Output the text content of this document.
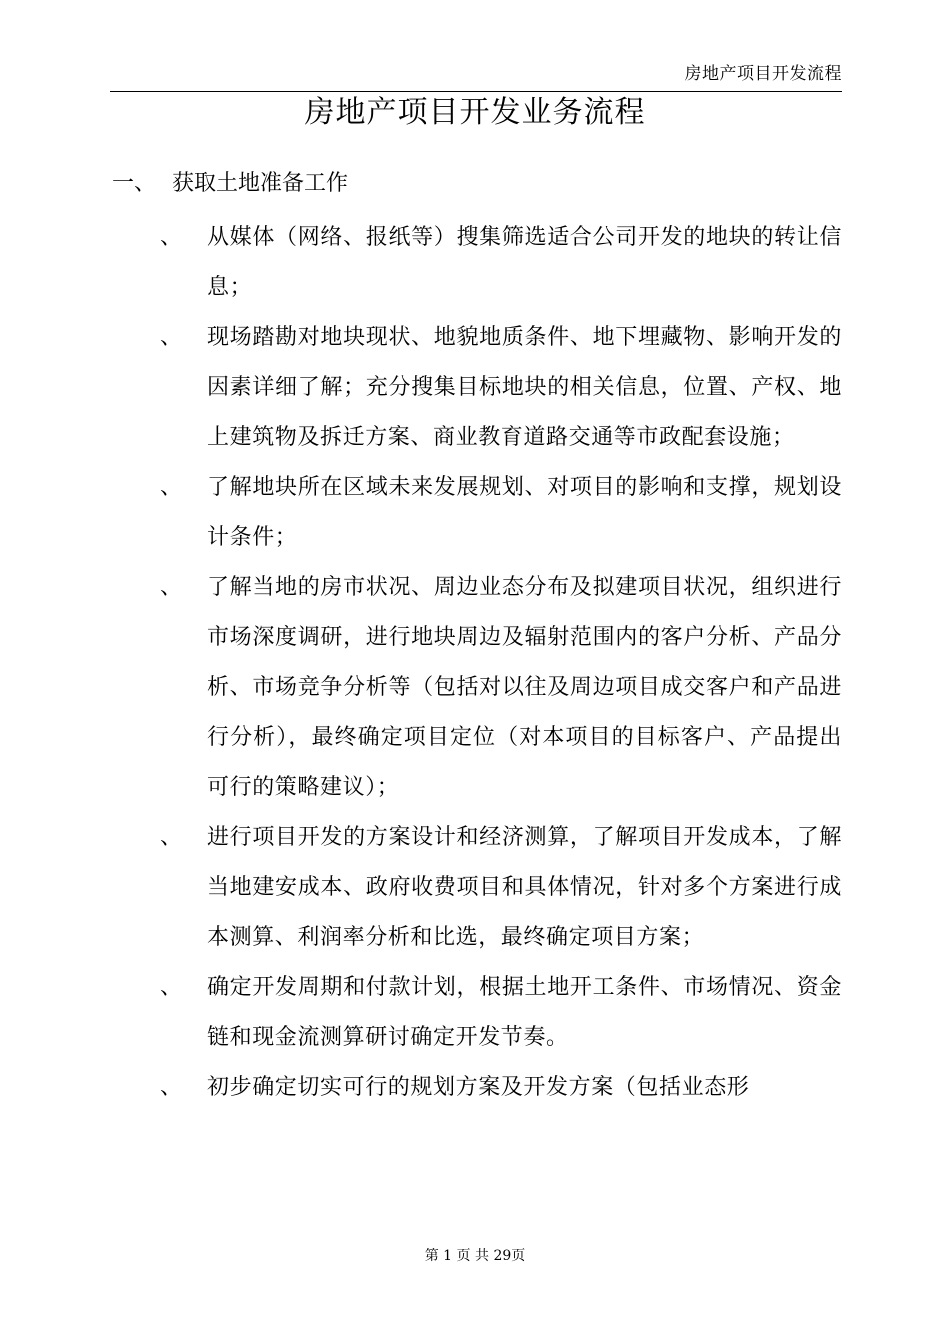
房地产项目开发流程
房地产项目开发业务流程
一、 获取土地准备工作
、	从媒体（网络、报纸等）搜集筛选适合公司开发的地块的转让信息；
、	现场踏勘对地块现状、地貌地质条件、地下埋藏物、影响开发的因素详细了解；充分搜集目标地块的相关信息，位置、产权、地上建筑物及拆迁方案、商业教育道路交通等市政配套设施；
、	了解地块所在区域未来发展规划、对项目的影响和支撑，规划设计条件；
、	了解当地的房市状况、周边业态分布及拟建项目状况，组织进行市场深度调研，进行地块周边及辐射范围内的客户分析、产品分析、市场竞争分析等（包括对以往及周边项目成交客户和产品进行分析），最终确定项目定位（对本项目的目标客户、产品提出可行的策略建议）；
、	进行项目开发的方案设计和经济测算，了解项目开发成本，了解当地建安成本、政府收费项目和具体情况，针对多个方案进行成本测算、利润率分析和比选，最终确定项目方案；
、	确定开发周期和付款计划，根据土地开工条件、市场情况、资金链和现金流测算研讨确定开发节奏。
、	初步确定切实可行的规划方案及开发方案（包括业态形
第 1 页 共 29页
